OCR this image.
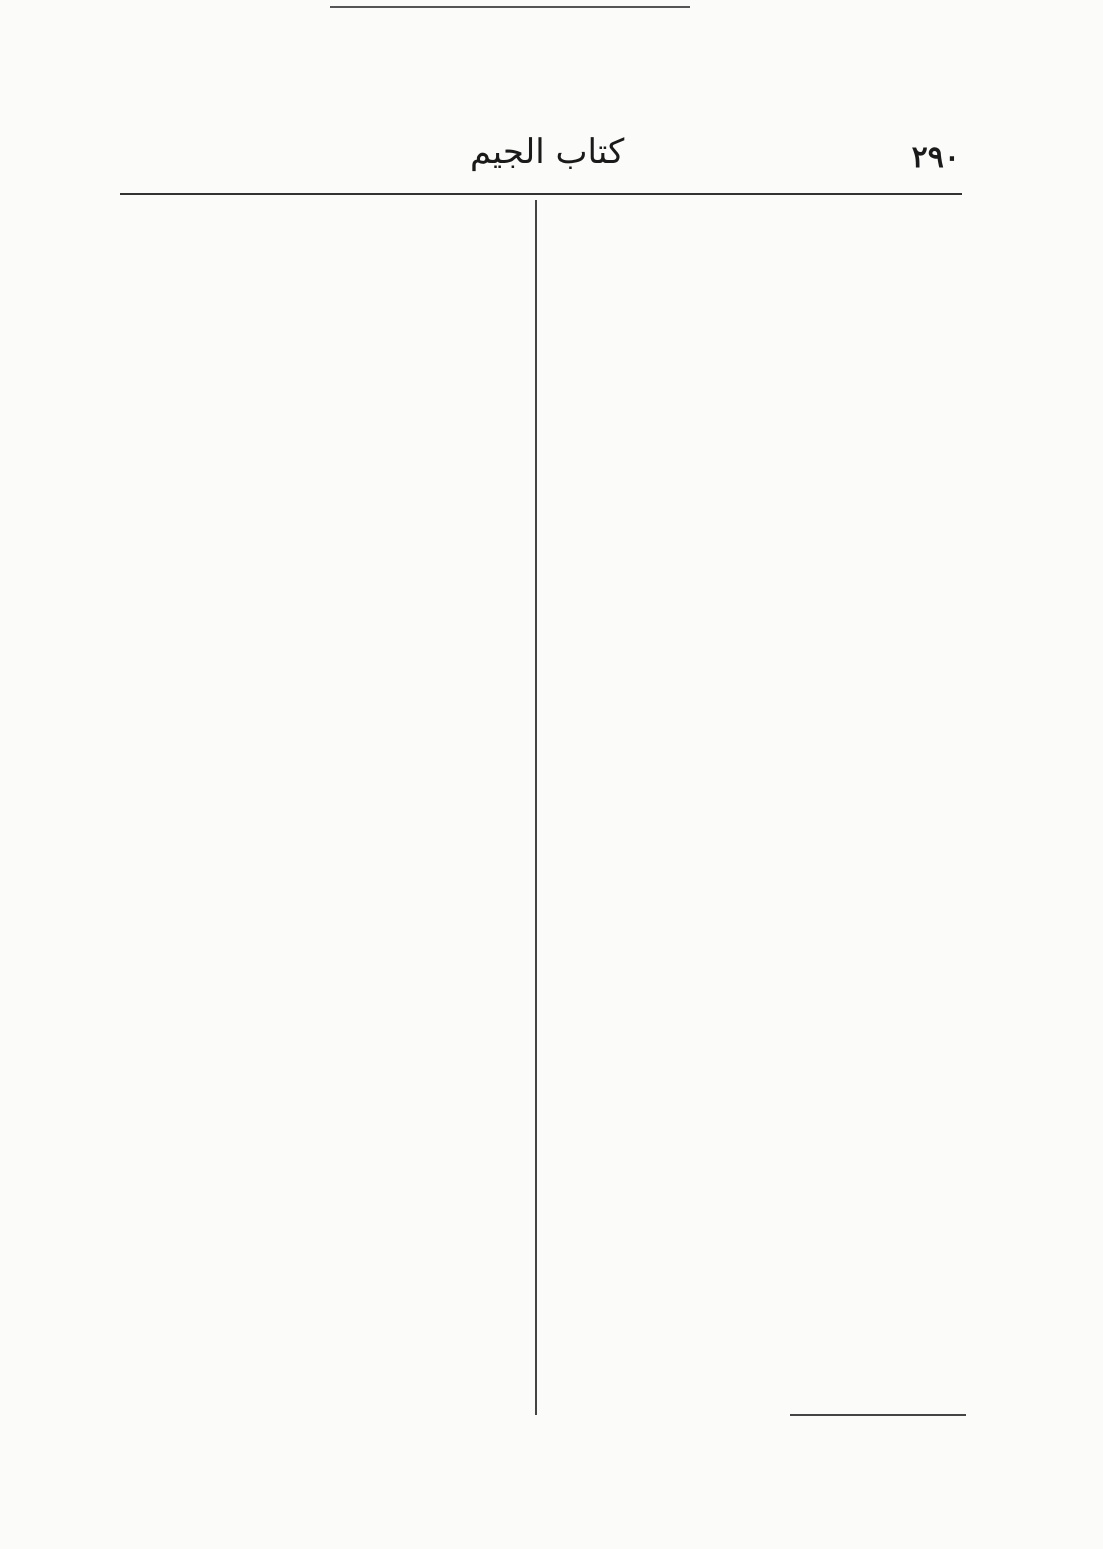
كتاب الجيم	٢٩٠
